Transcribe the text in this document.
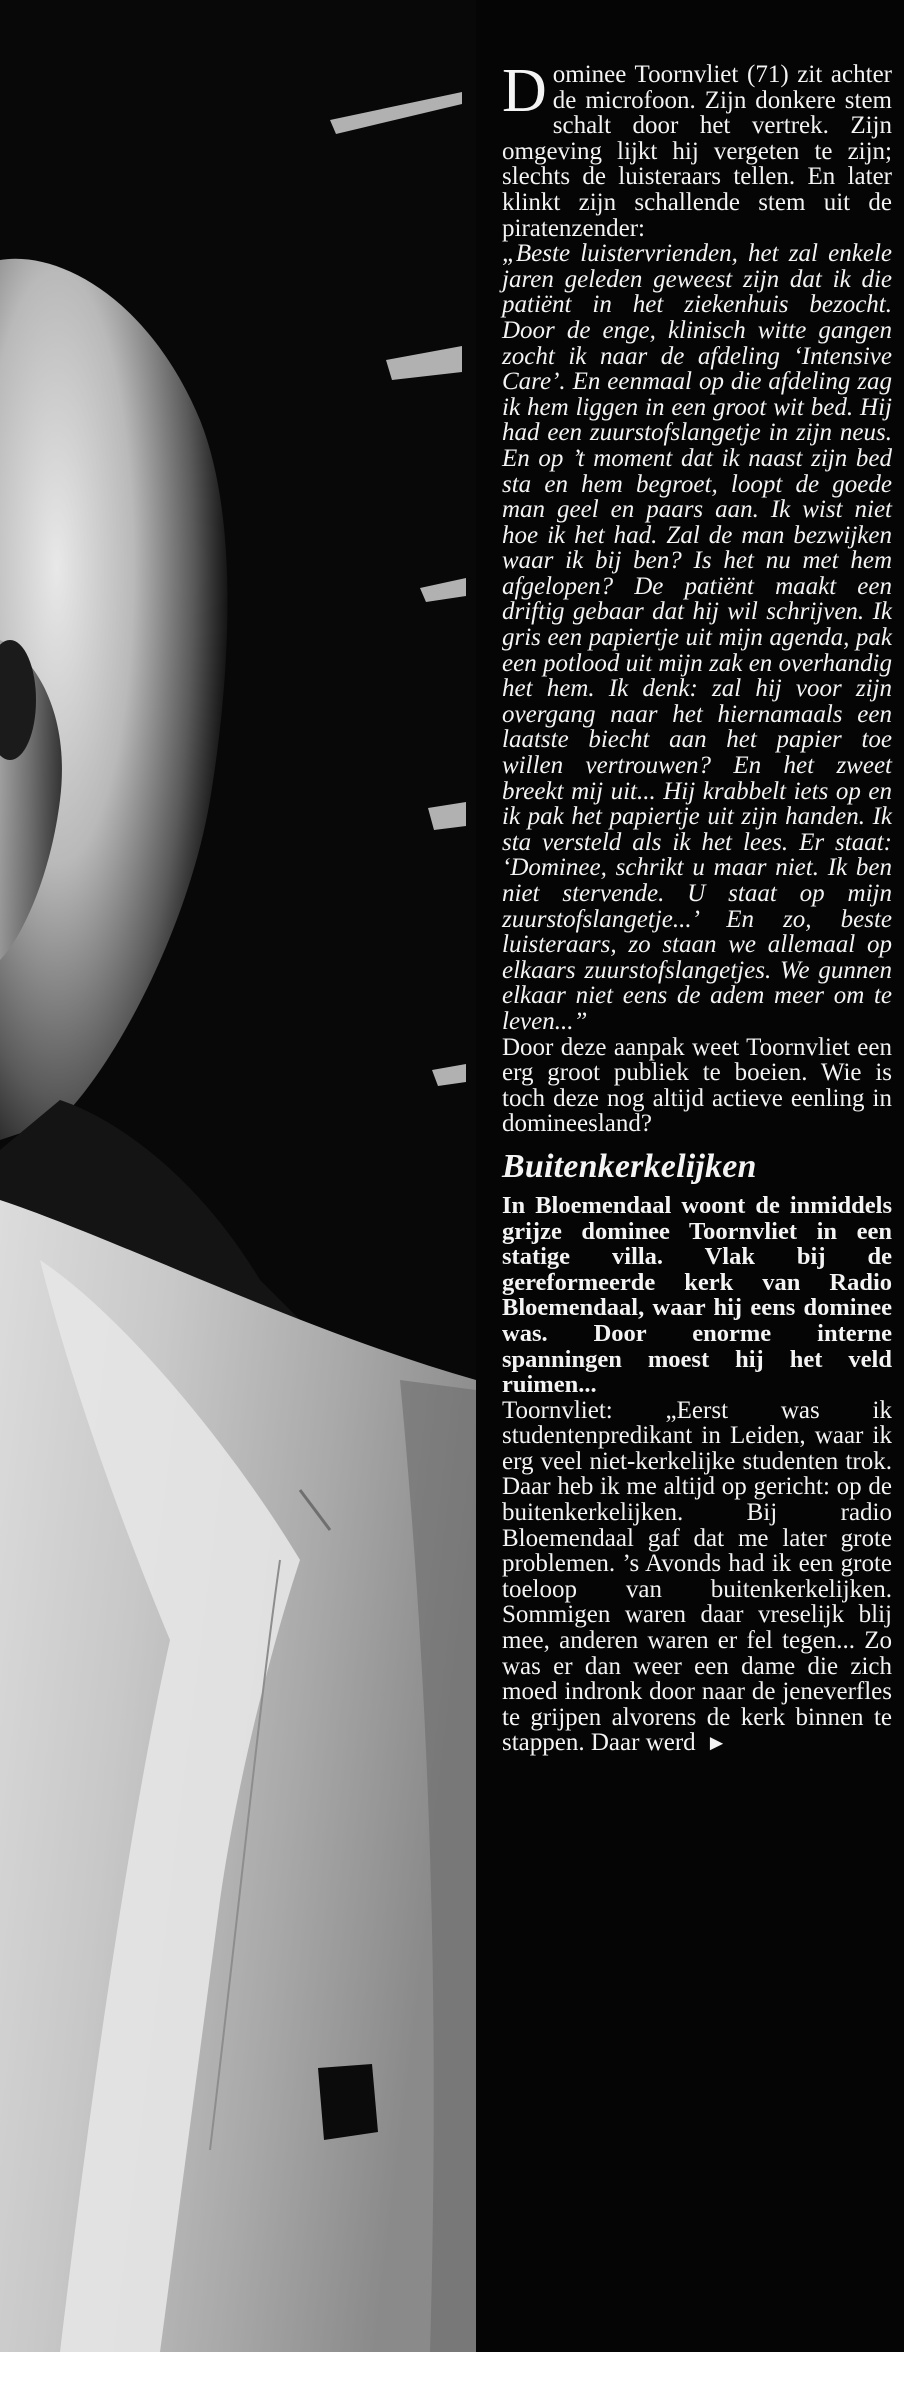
Dominee Toornvliet (71) zit achter de microfoon. Zijn donkere stem schalt door het vertrek. Zijn omgeving lijkt hij vergeten te zijn; slechts de luisteraars tellen. En later klinkt zijn schallende stem uit de piratenzender:

„Beste luistervrienden, het zal enkele jaren geleden geweest zijn dat ik die patiënt in het ziekenhuis bezocht. Door de enge, klinisch witte gangen zocht ik naar de afdeling ‘Intensive Care’. En eenmaal op die afdeling zag ik hem liggen in een groot wit bed. Hij had een zuurstofslangetje in zijn neus. En op ’t moment dat ik naast zijn bed sta en hem begroet, loopt de goede man geel en paars aan. Ik wist niet hoe ik het had. Zal de man bezwijken waar ik bij ben? Is het nu met hem afgelopen? De patiënt maakt een driftig gebaar dat hij wil schrijven. Ik gris een papiertje uit mijn agenda, pak een potlood uit mijn zak en overhandig het hem. Ik denk: zal hij voor zijn overgang naar het hiernamaals een laatste biecht aan het papier toe willen vertrouwen? En het zweet breekt mij uit... Hij krabbelt iets op en ik pak het papiertje uit zijn handen. Ik sta versteld als ik het lees. Er staat: ‘Dominee, schrikt u maar niet. Ik ben niet stervende. U staat op mijn zuurstofslangetje...’ En zo, beste luisteraars, zo staan we allemaal op elkaars zuurstofslangetjes. We gunnen elkaar niet eens de adem meer om te leven...”

Door deze aanpak weet Toornvliet een erg groot publiek te boeien. Wie is toch deze nog altijd actieve eenling in domineesland?

Buitenkerkelijken

In Bloemendaal woont de inmiddels grijze dominee Toornvliet in een statige villa. Vlak bij de gereformeerde kerk van Radio Bloemendaal, waar hij eens dominee was. Door enorme interne spanningen moest hij het veld ruimen...

Toornvliet: „Eerst was ik studentenpredikant in Leiden, waar ik erg veel niet-kerkelijke studenten trok. Daar heb ik me altijd op gericht: op de buitenkerkelijken. Bij radio Bloemendaal gaf dat me later grote problemen. ’s Avonds had ik een grote toeloop van buitenkerkelijken. Sommigen waren daar vreselijk blij mee, anderen waren er fel tegen... Zo was er dan weer een dame die zich moed indronk door naar de jeneverfles te grijpen alvorens de kerk binnen te stappen. Daar werd ►
